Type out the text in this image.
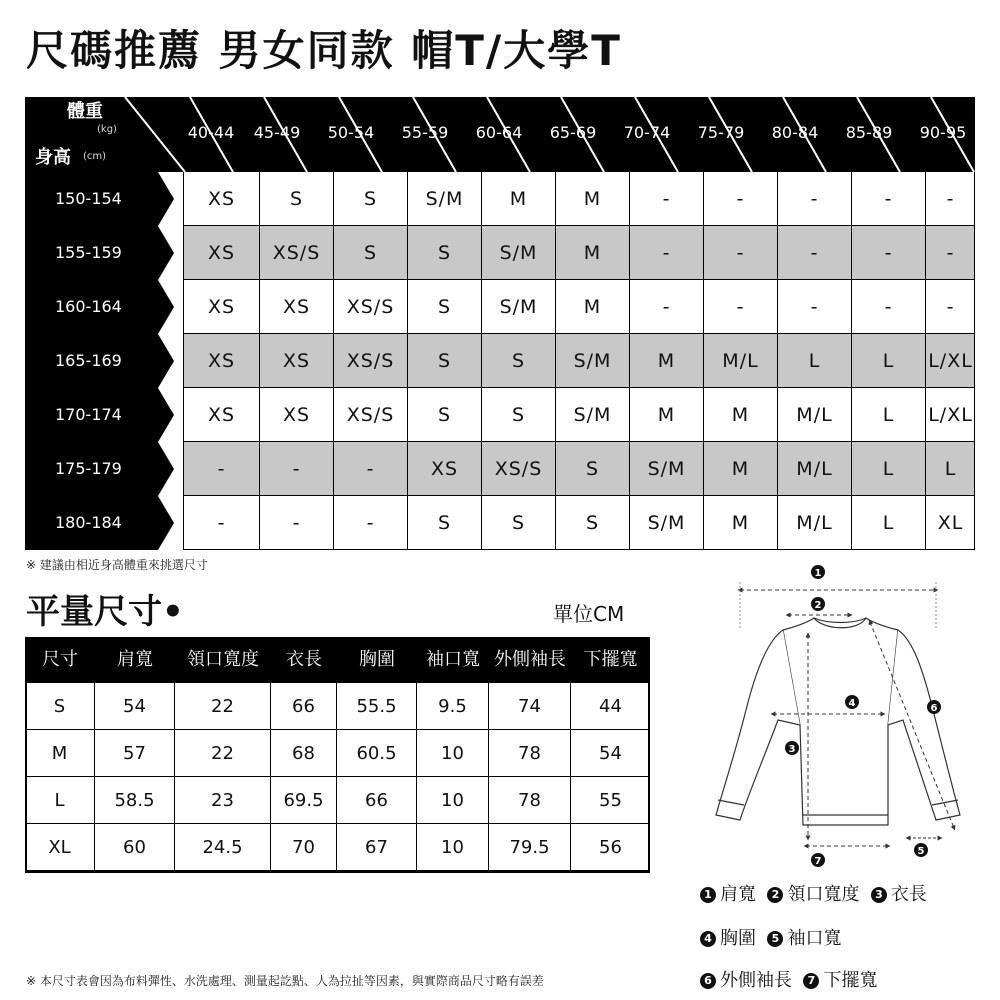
尺碼推薦 男女同款 帽T/大學T
體重
(kg)
身高 (cm)
40-44	45-49	50-54	55-59	60-64	65-69	70-74	75-79	80-84	85-89	90-95
150-154	XS	S	S	S/M	M	M	-	-	-	-	-
155-159	XS	XS/S	S	S	S/M	M	-	-	-	-	-
160-164	XS	XS	XS/S	S	S/M	M	-	-	-	-	-
165-169	XS	XS	XS/S	S	S	S/M	M	M/L	L	L	L/XL
170-174	XS	XS	XS/S	S	S	S/M	M	M	M/L	L	L/XL
175-179	-	-	-	XS	XS/S	S	S/M	M	M/L	L	L
180-184	-	-	-	S	S	S	S/M	M	M/L	L	XL
※ 建議由相近身高體重來挑選尺寸
平量尺寸•	單位CM
尺寸	肩寬	領口寬度	衣長	胸圍	袖口寬 外側袖長 下擺寬
S	54	22	66	55.5	9.5	74	44
M	57	22	68	60.5	10	78	54
L	58.5	23	69.5	66	10	78	55
XL	60	24.5	70	67	10	79.5	56
1
2
3
4
5
6
7
1 肩寬 2 領口寬度 3 衣長
4 胸圍 5 袖口寬
6 外側袖長 7 下擺寬
※ 本尺寸表會因為布料彈性、水洗處理、測量起訖點、人為拉扯等因素，與實際商品尺寸略有誤差
